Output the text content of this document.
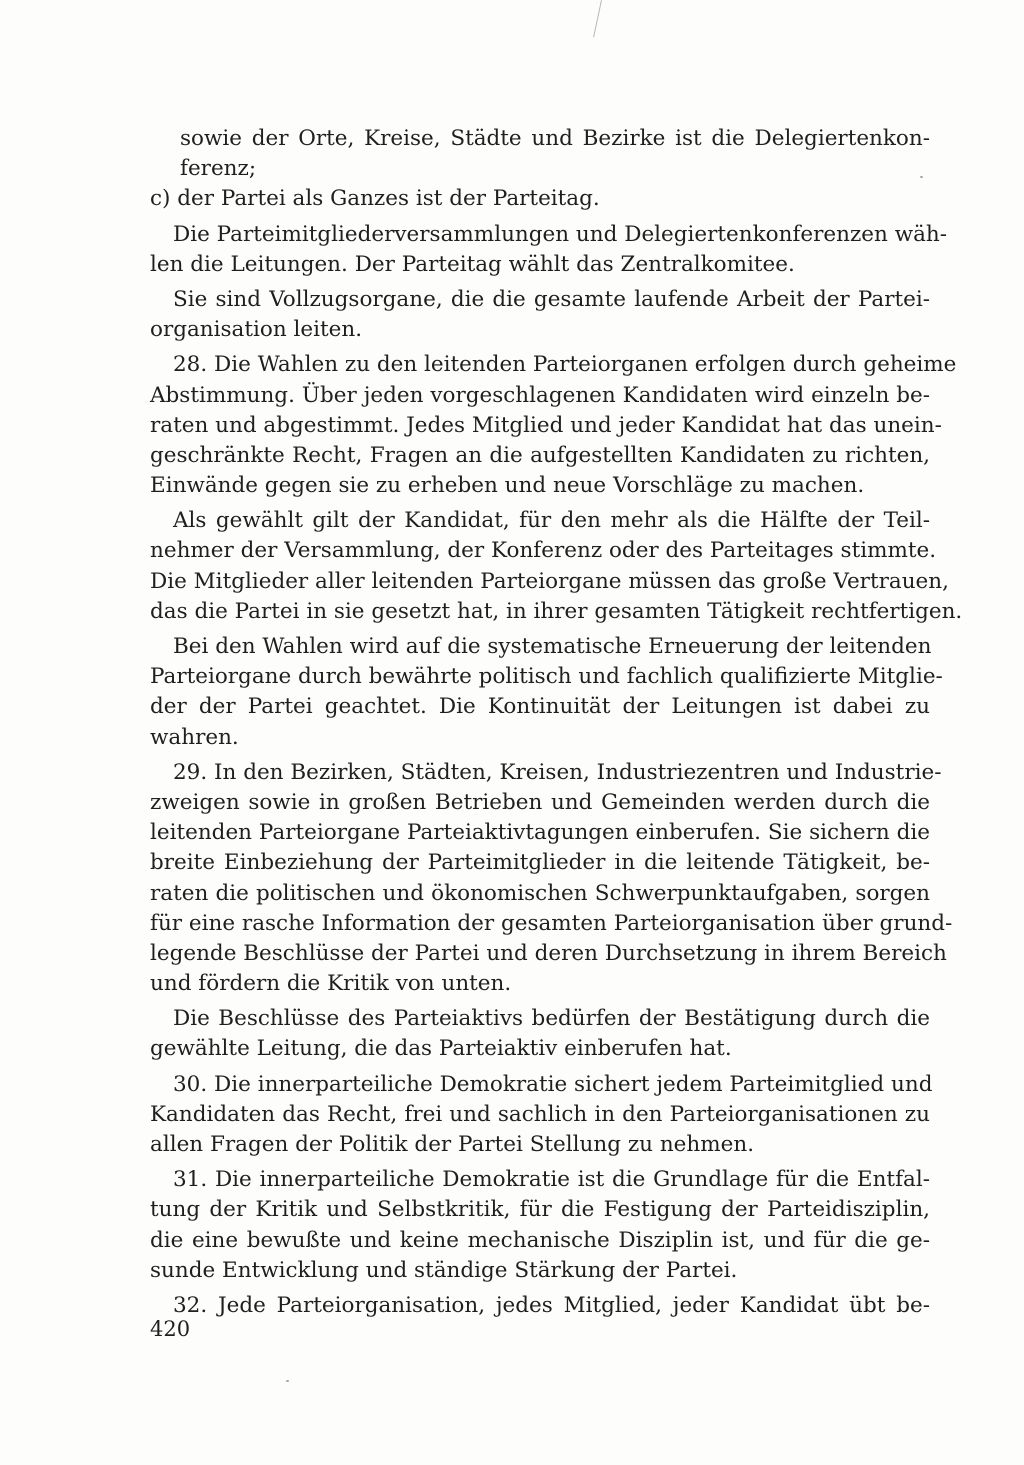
sowie der Orte, Kreise, Städte und Bezirke ist die Delegiertenkon-
ferenz;
c) der Partei als Ganzes ist der Parteitag.
Die Parteimitgliederversammlungen und Delegiertenkonferenzen wäh-
len die Leitungen. Der Parteitag wählt das Zentralkomitee.
Sie sind Vollzugsorgane, die die gesamte laufende Arbeit der Partei-
organisation leiten.
28. Die Wahlen zu den leitenden Parteiorganen erfolgen durch geheime
Abstimmung. Über jeden vorgeschlagenen Kandidaten wird einzeln be-
raten und abgestimmt. Jedes Mitglied und jeder Kandidat hat das unein-
geschränkte Recht, Fragen an die aufgestellten Kandidaten zu richten,
Einwände gegen sie zu erheben und neue Vorschläge zu machen.
Als gewählt gilt der Kandidat, für den mehr als die Hälfte der Teil-
nehmer der Versammlung, der Konferenz oder des Parteitages stimmte.
Die Mitglieder aller leitenden Parteiorgane müssen das große Vertrauen,
das die Partei in sie gesetzt hat, in ihrer gesamten Tätigkeit rechtfertigen.
Bei den Wahlen wird auf die systematische Erneuerung der leitenden
Parteiorgane durch bewährte politisch und fachlich qualifizierte Mitglie-
der der Partei geachtet. Die Kontinuität der Leitungen ist dabei zu
wahren.
29. In den Bezirken, Städten, Kreisen, Industriezentren und Industrie-
zweigen sowie in großen Betrieben und Gemeinden werden durch die
leitenden Parteiorgane Parteiaktivtagungen einberufen. Sie sichern die
breite Einbeziehung der Parteimitglieder in die leitende Tätigkeit, be-
raten die politischen und ökonomischen Schwerpunktaufgaben, sorgen
für eine rasche Information der gesamten Parteiorganisation über grund-
legende Beschlüsse der Partei und deren Durchsetzung in ihrem Bereich
und fördern die Kritik von unten.
Die Beschlüsse des Parteiaktivs bedürfen der Bestätigung durch die
gewählte Leitung, die das Parteiaktiv einberufen hat.
30. Die innerparteiliche Demokratie sichert jedem Parteimitglied und
Kandidaten das Recht, frei und sachlich in den Parteiorganisationen zu
allen Fragen der Politik der Partei Stellung zu nehmen.
31. Die innerparteiliche Demokratie ist die Grundlage für die Entfal-
tung der Kritik und Selbstkritik, für die Festigung der Parteidisziplin,
die eine bewußte und keine mechanische Disziplin ist, und für die ge-
sunde Entwicklung und ständige Stärkung der Partei.
32. Jede Parteiorganisation, jedes Mitglied, jeder Kandidat übt be-
420
